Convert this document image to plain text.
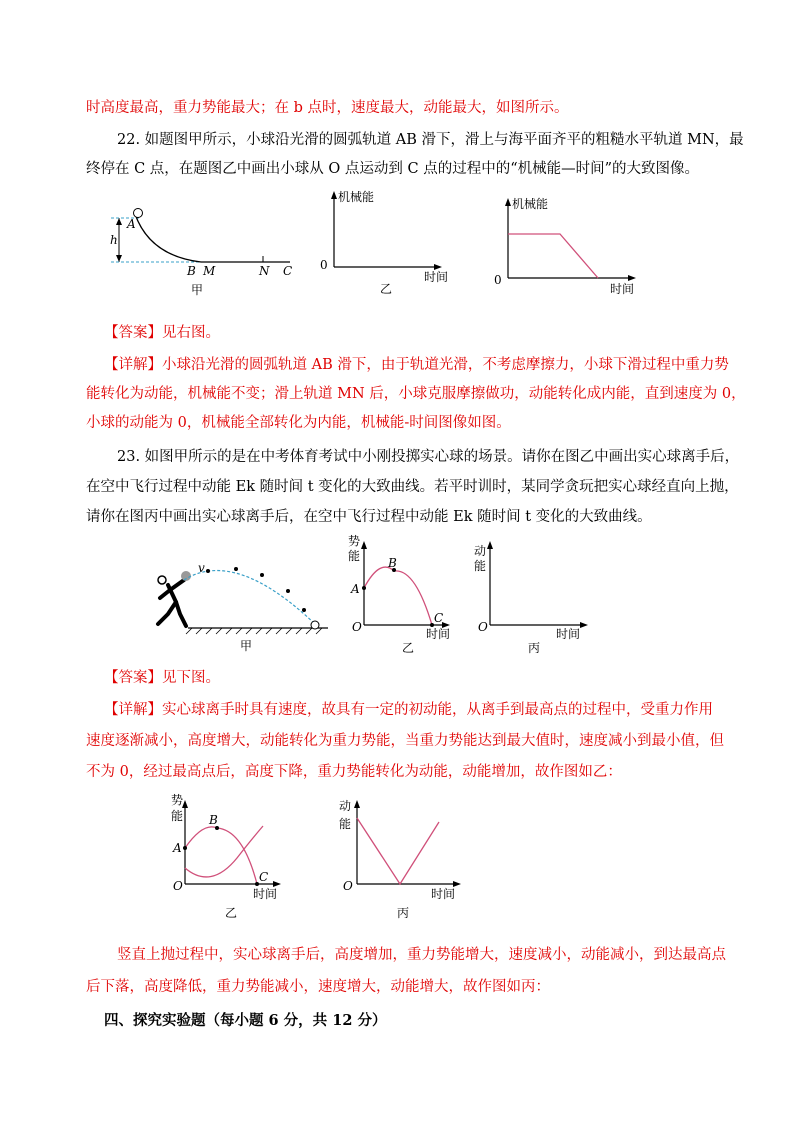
时高度最高，重力势能最大；在 b 点时，速度最大，动能最大，如图所示。
22. 如题图甲所示，小球沿光滑的圆弧轨道 AB 滑下，滑上与海平面齐平的粗糙水平轨道 MN，最
终停在 C 点，在题图乙中画出小球从 O 点运动到 C 点的过程中的“机械能—时间”的大致图像。
A
h
B M	N C
甲
机械能
0
时间
乙
机械能
0
时间
【答案】见右图。
【详解】小球沿光滑的圆弧轨道 AB 滑下，由于轨道光滑，不考虑摩擦力，小球下滑过程中重力势
能转化为动能，机械能不变；滑上轨道 MN 后，小球克服摩擦做功，动能转化成内能，直到速度为 0，
小球的动能为 0，机械能全部转化为内能，机械能-时间图像如图。
23. 如图甲所示的是在中考体育考试中小刚投掷实心球的场景。请你在图乙中画出实心球离手后，
在空中飞行过程中动能 Ek 随时间 t 变化的大致曲线。若平时训时，某同学贪玩把实心球经直向上抛，
请你在图丙中画出实心球离手后，在空中飞行过程中动能 Ek 随时间 t 变化的大致曲线。
v
甲
势
能
A
B
C
O	时间
乙
动
能
O	时间
丙
【答案】见下图。
【详解】实心球离手时具有速度，故具有一定的初动能，从离手到最高点的过程中，受重力作用
速度逐渐减小，高度增大，动能转化为重力势能，当重力势能达到最大值时，速度减小到最小值，但
不为 0，经过最高点后，高度下降，重力势能转化为动能，动能增加，故作图如乙：
势
能
A
B
C
O
时间
乙
动
能
O
时间
丙
竖直上抛过程中，实心球离手后，高度增加，重力势能增大，速度减小，动能减小，到达最高点
后下落，高度降低，重力势能减小，速度增大，动能增大，故作图如丙：
四、探究实验题（每小题 6 分，共 12 分）
